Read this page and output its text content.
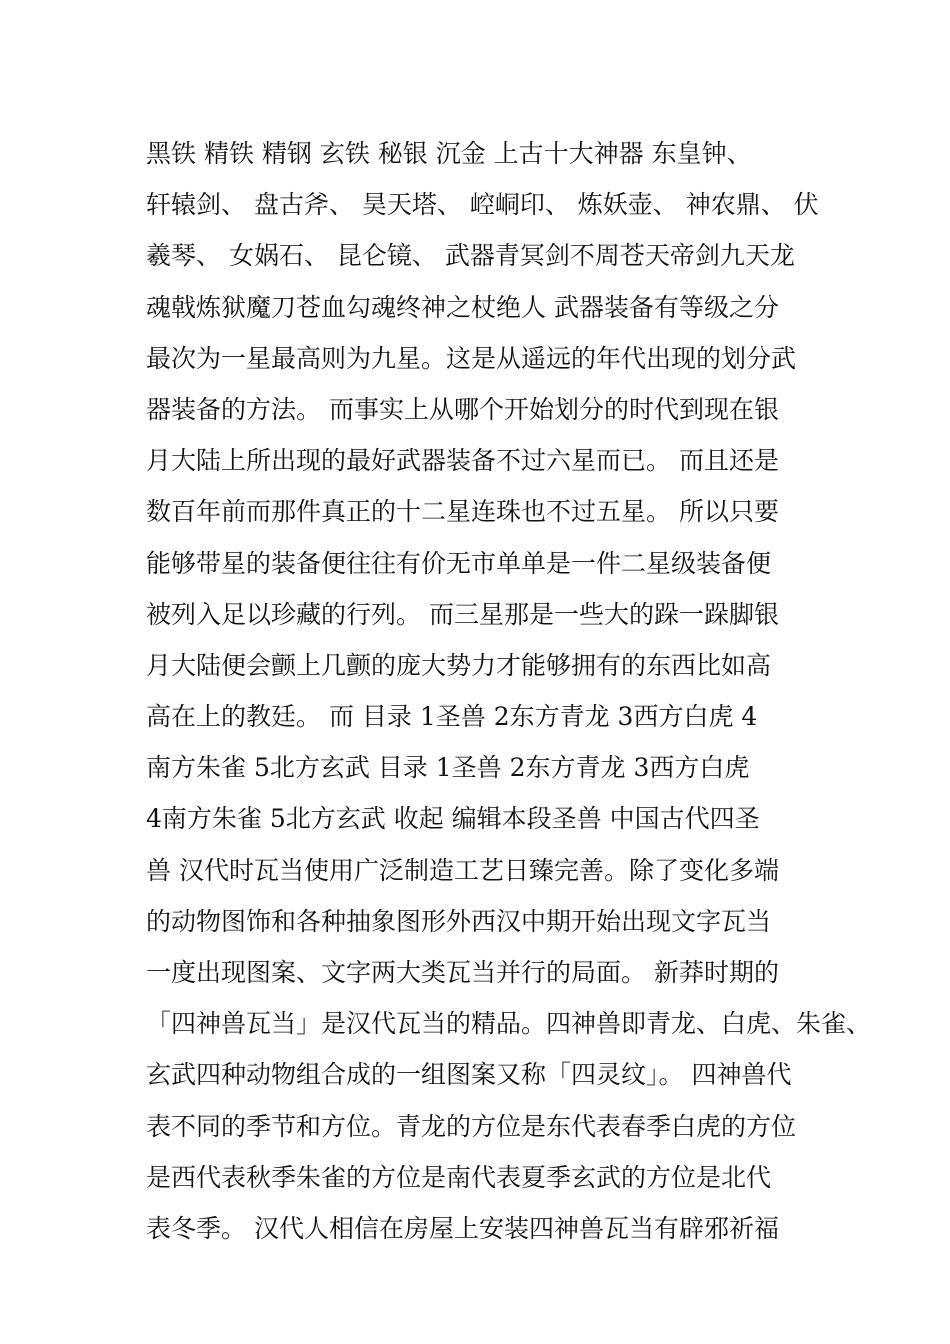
黑铁 精铁 精钢 玄铁 秘银 沉金 上古十大神器 东皇钟、
轩辕剑、 盘古斧、 昊天塔、 崆峒印、 炼妖壶、 神农鼎、 伏
羲琴、 女娲石、 昆仑镜、 武器青冥剑不周苍天帝剑九天龙
魂戟炼狱魔刀苍血勾魂终神之杖绝人 武器装备有等级之分
最次为一星最高则为九星。这是从遥远的年代出现的划分武
器装备的方法。 而事实上从哪个开始划分的时代到现在银
月大陆上所出现的最好武器装备不过六星而已。 而且还是
数百年前而那件真正的十二星连珠也不过五星。 所以只要
能够带星的装备便往往有价无市单单是一件二星级装备便
被列入足以珍藏的行列。 而三星那是一些大的跺一跺脚银
月大陆便会颤上几颤的庞大势力才能够拥有的东西比如高
高在上的教廷。 而 目录 1圣兽 2东方青龙 3西方白虎 4
南方朱雀 5北方玄武 目录 1圣兽 2东方青龙 3西方白虎
4南方朱雀 5北方玄武 收起 编辑本段圣兽 中国古代四圣
兽 汉代时瓦当使用广泛制造工艺日臻完善。除了变化多端
的动物图饰和各种抽象图形外西汉中期开始出现文字瓦当
一度出现图案、文字两大类瓦当并行的局面。 新莽时期的
「四神兽瓦当」是汉代瓦当的精品。四神兽即青龙、白虎、朱雀、
玄武四种动物组合成的一组图案又称「四灵纹」。 四神兽代
表不同的季节和方位。青龙的方位是东代表春季白虎的方位
是西代表秋季朱雀的方位是南代表夏季玄武的方位是北代
表冬季。 汉代人相信在房屋上安装四神兽瓦当有辟邪祈福
